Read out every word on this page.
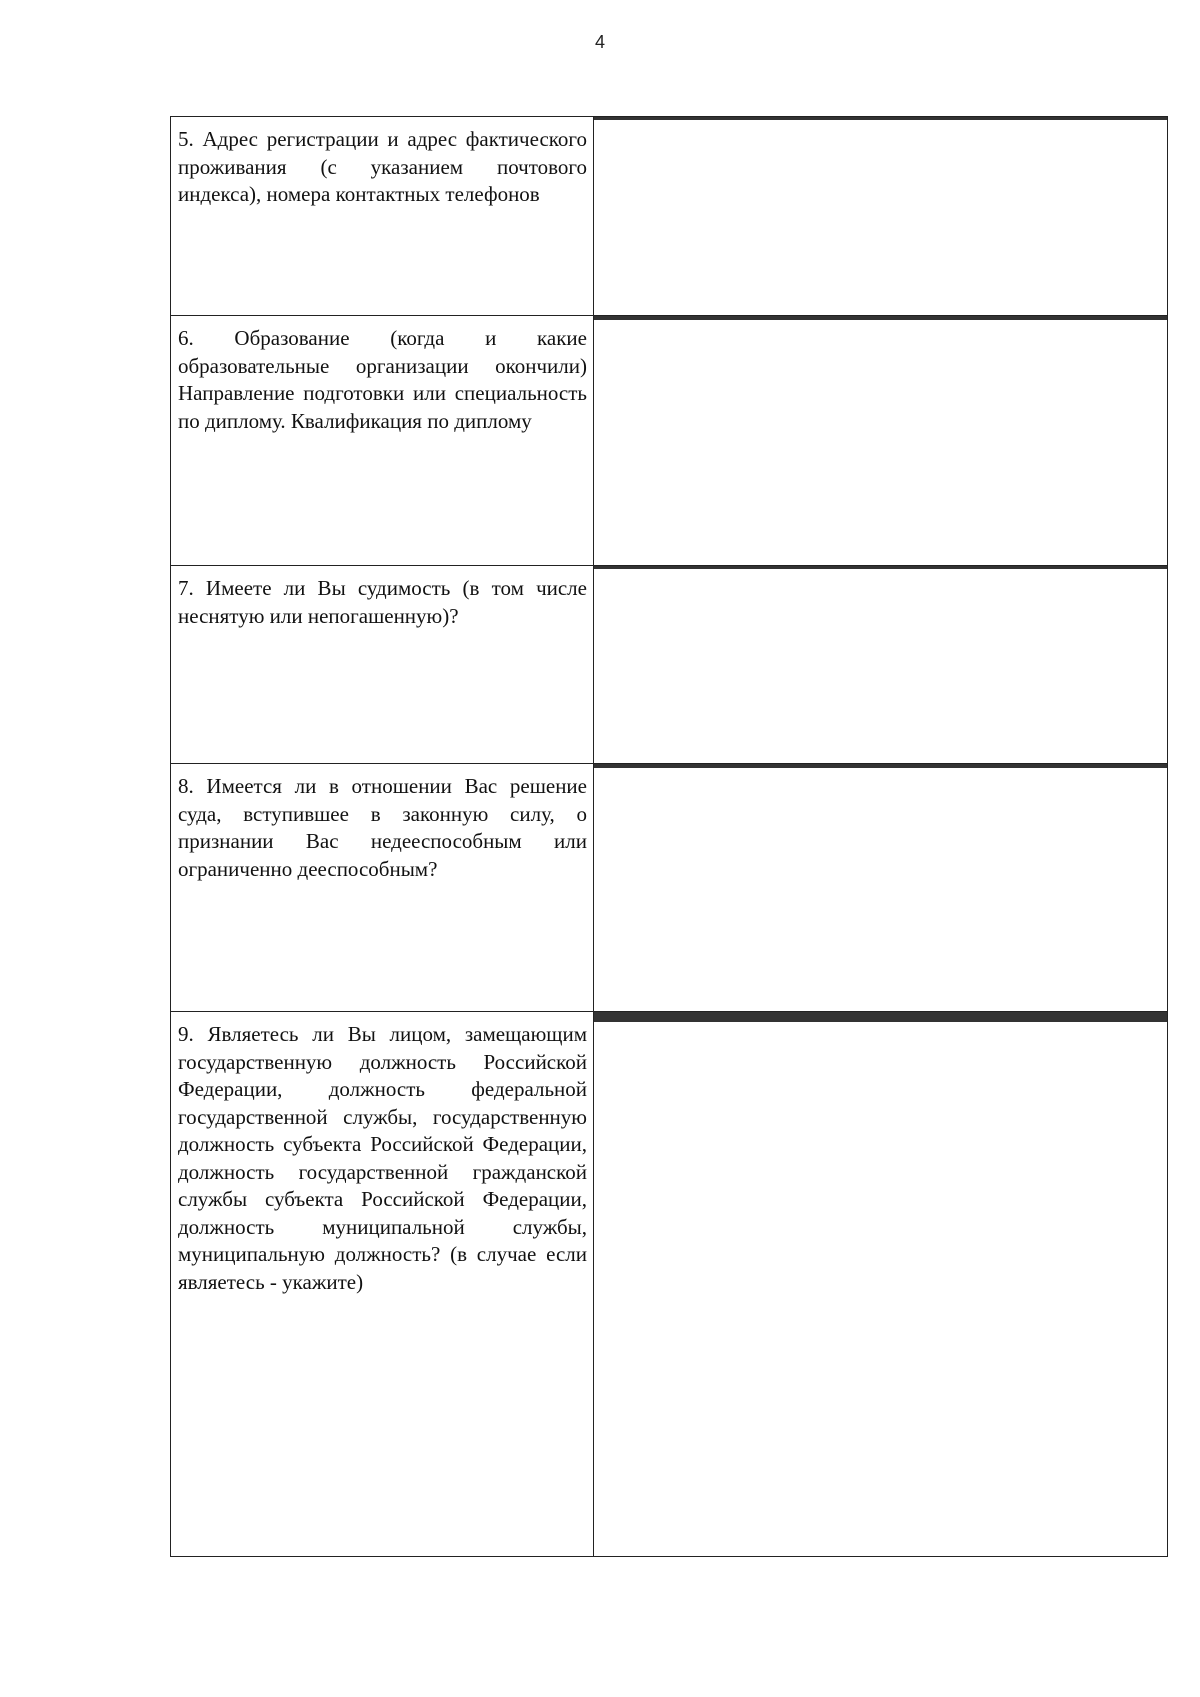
4
5. Адрес регистрации и адрес фактического проживания (с указанием почтового индекса), номера контактных телефонов	

6. Образование (когда и какие образовательные организации окончили) Направление подготовки или специальность по диплому. Квалификация по диплому	

7. Имеете ли Вы судимость (в том числе неснятую или непогашенную)?	

8. Имеется ли в отношении Вас решение суда, вступившее в законную силу, о признании Вас недееспособным или ограниченно дееспособным?	

9. Являетесь ли Вы лицом, замещающим государственную должность Российской Федерации, должность федеральной государственной службы, государственную должность субъекта Российской Федерации, должность государственной гражданской службы субъекта Российской Федерации, должность муниципальной службы, муниципальную должность? (в случае если являетесь - укажите)	
